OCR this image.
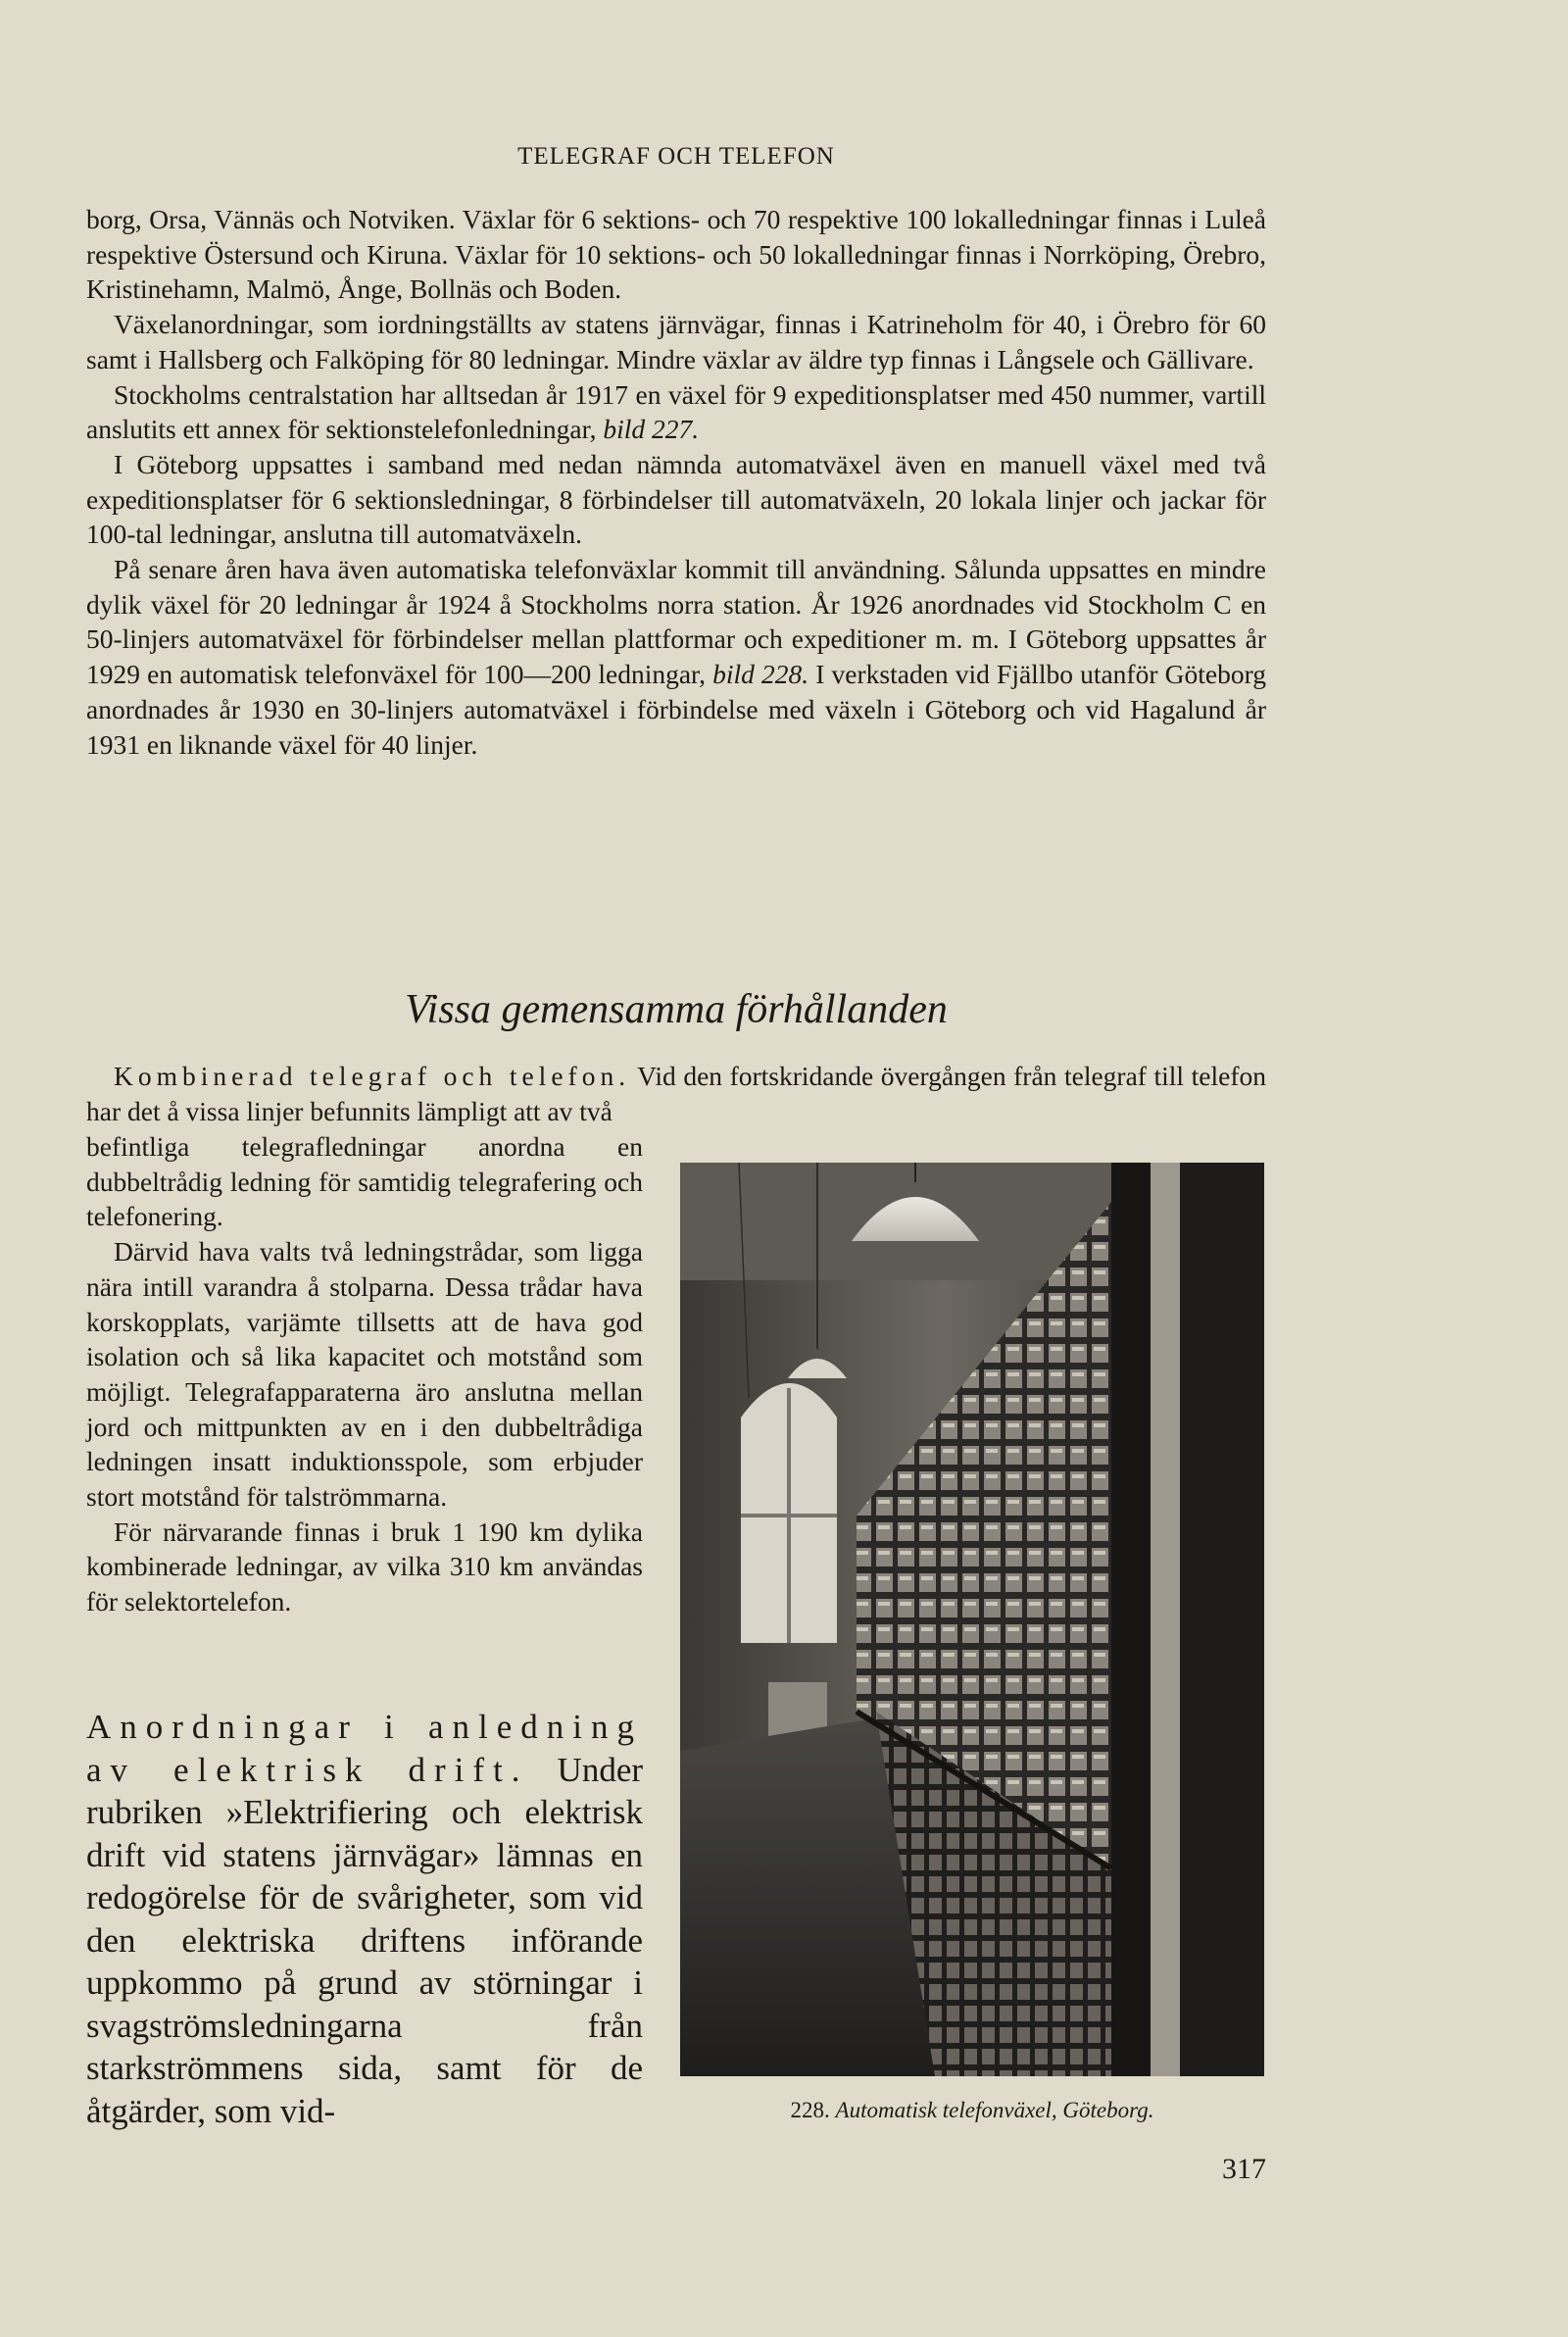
TELEGRAF OCH TELEFON

borg, Orsa, Vännäs och Notviken. Växlar för 6 sektions- och 70 respektive 100 lokalledningar finnas i Luleå respektive Östersund och Kiruna. Växlar för 10 sektions- och 50 lokalledningar finnas i Norrköping, Örebro, Kristinehamn, Malmö, Ånge, Bollnäs och Boden.

Växelanordningar, som iordningställts av statens järnvägar, finnas i Katrineholm för 40, i Örebro för 60 samt i Hallsberg och Falköping för 80 ledningar. Mindre växlar av äldre typ finnas i Långsele och Gällivare.

Stockholms centralstation har alltsedan år 1917 en växel för 9 expeditionsplatser med 450 nummer, vartill anslutits ett annex för sektionstelefonledningar, bild 227.

I Göteborg uppsattes i samband med nedan nämnda automatväxel även en manuell växel med två expeditionsplatser för 6 sektionsledningar, 8 förbindelser till automatväxeln, 20 lokala linjer och jackar för 100-tal ledningar, anslutna till automatväxeln.

På senare åren hava även automatiska telefonväxlar kommit till användning. Sålunda uppsattes en mindre dylik växel för 20 ledningar år 1924 å Stockholms norra station. År 1926 anordnades vid Stockholm C en 50-linjers automatväxel för förbindelser mellan plattformar och expeditioner m. m. I Göteborg uppsattes år 1929 en automatisk telefonväxel för 100—200 ledningar, bild 228. I verkstaden vid Fjällbo utanför Göteborg anordnades år 1930 en 30-linjers automatväxel i förbindelse med växeln i Göteborg och vid Hagalund år 1931 en liknande växel för 40 linjer.

Vissa gemensamma förhållanden

Kombinerad telegraf och telefon. Vid den fortskridande övergången från telegraf till telefon har det å vissa linjer befunnits lämpligt att av två

befintliga telegrafledningar anordna en dubbeltrådig ledning för samtidig telegrafering och telefonering.

Därvid hava valts två ledningstrådar, som ligga nära intill varandra å stolparna. Dessa trådar hava korskopplats, varjämte tillsetts att de hava god isolation och så lika kapacitet och motstånd som möjligt. Telegrafapparaterna äro anslutna mellan jord och mittpunkten av en i den dubbeltrådiga ledningen insatt induktionsspole, som erbjuder stort motstånd för talströmmarna.

För närvarande finnas i bruk 1 190 km dylika kombinerade ledningar, av vilka 310 km användas för selektortelefon.

Anordningar i anledning av elektrisk drift. Under rubriken »Elektrifiering och elektrisk drift vid statens järnvägar» lämnas en redogörelse för de svårigheter, som vid den elektriska driftens införande uppkommo på grund av störningar i svagströmsledningarna från starkströmmens sida, samt för de åtgärder, som vid-	228. Automatisk telefonväxel, Göteborg.
317
